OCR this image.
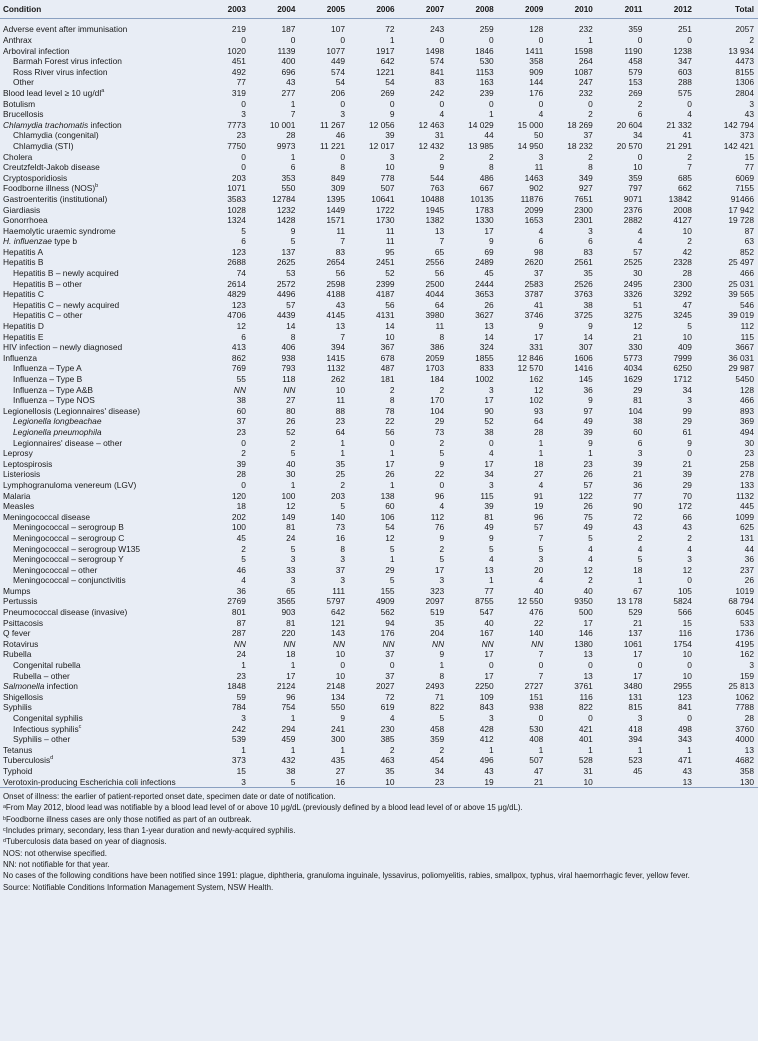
Condition	2003	2004	2005	2006	2007	2008	2009	2010	2011	2012	Total
Adverse event after immunisation	219	187	107	72	243	259	128	232	359	251	2057
Anthrax	0	0	0	1	0	0	0	1	0	0	2
Arboviral infection	1020	1139	1077	1917	1498	1846	1411	1598	1190	1238	13 934
Barmah Forest virus infection	451	400	449	642	574	530	358	264	458	347	4473
Ross River virus infection	492	696	574	1221	841	1153	909	1087	579	603	8155
Other	77	43	54	54	83	163	144	247	153	288	1306
Blood lead level ≥ 10 $ug/dl^a$	319	277	206	269	242	239	176	232	269	575	2804
Botulism	0	1	0	0	0	0	0	0	2	0	3
Brucellosis	3	7	3	9	4	1	4	2	6	4	43
Chlamydia trachomatis infection	7773	10 001	11 267	12 056	12 463	14 029	15 000	18 269	20 604	21 332	142 794
Chlamydia (congenital)	23	28	46	39	31	44	50	37	34	41	373
Chlamydia (STI)	7750	9973	11 221	12 017	12 432	13 985	14 950	18 232	20 570	21 291	142 421
Cholera	0	1	0	3	2	2	3	2	0	2	15
Creutzfeldt-Jakob disease	0	6	8	10	9	8	11	8	10	7	77
Cryptosporidiosis	203	353	849	778	544	486	1463	349	359	685	6069
Foodborne illness (NOS)$^b$	1071	550	309	507	763	667	902	927	797	662	7155
Gastroenteritis (institutional)	3583	12784	1395	10641	10488	10135	11876	7651	9071	13842	91466
Giardiasis	1028	1232	1449	1722	1945	1783	2099	2300	2376	2008	17 942
Gonorrhoea	1324	1428	1571	1730	1382	1330	1653	2301	2882	4127	19 728
Haemolytic uraemic syndrome	5	9	11	11	13	17	4	3	4	10	87
H. influenzae type b	6	5	7	11	7	9	6	6	4	2	63
Hepatitis A	123	137	83	95	65	69	98	83	57	42	852
Hepatitis B	2688	2625	2654	2451	2556	2489	2620	2561	2525	2328	25 497
Hepatitis B – newly acquired	74	53	56	52	56	45	37	35	30	28	466
Hepatitis B – other	2614	2572	2598	2399	2500	2444	2583	2526	2495	2300	25 031
Hepatitis C	4829	4496	4188	4187	4044	3653	3787	3763	3326	3292	39 565
Hepatitis C – newly acquired	123	57	43	56	64	26	41	38	51	47	546
Hepatitis C – other	4706	4439	4145	4131	3980	3627	3746	3725	3275	3245	39 019
Hepatitis D	12	14	13	14	11	13	9	9	12	5	112
Hepatitis E	6	8	7	10	8	14	17	14	21	10	115
HIV infection – newly diagnosed	413	406	394	367	386	324	331	307	330	409	3667
Influenza	862	938	1415	678	2059	1855	12 846	1606	5773	7999	36 031
Influenza – Type A	769	793	1132	487	1703	833	12 570	1416	4034	6250	29 987
Influenza – Type B	55	118	262	181	184	1002	162	145	1629	1712	5450
Influenza – Type A&B	NN	NN	10	2	2	3	12	36	29	34	128
Influenza – Type NOS	38	27	11	8	170	17	102	9	81	3	466
Legionellosis (Legionnaires' disease)	60	80	88	78	104	90	93	97	104	99	893
Legionella longbeachae	37	26	23	22	29	52	64	49	38	29	369
Legionella pneumophila	23	52	64	56	73	38	28	39	60	61	494
Legionnaires' disease – other	0	2	1	0	2	0	1	9	6	9	30
Leprosy	2	5	1	1	5	4	1	1	3	0	23
Leptospirosis	39	40	35	17	9	17	18	23	39	21	258
Listeriosis	28	30	25	26	22	34	27	26	21	39	278
Lymphogranuloma venereum (LGV)	0	1	2	1	0	3	4	57	36	29	133
Malaria	120	100	203	138	96	115	91	122	77	70	1132
Measles	18	12	5	60	4	39	19	26	90	172	445
Meningococcal disease	202	149	140	106	112	81	96	75	72	66	1099
Meningococcal – serogroup B	100	81	73	54	76	49	57	49	43	43	625
Meningococcal – serogroup C	45	24	16	12	9	9	7	5	2	2	131
Meningococcal – serogroup W135	2	5	8	5	2	5	5	4	4	4	44
Meningococcal – serogroup Y	5	3	3	1	5	4	3	4	5	3	36
Meningococcal – other	46	33	37	29	17	13	20	12	18	12	237
Meningococcal – conjunctivitis	4	3	3	5	3	1	4	2	1	0	26
Mumps	36	65	111	155	323	77	40	40	67	105	1019
Pertussis	2769	3565	5797	4909	2097	8755	12 550	9350	13 178	5824	68 794
Pneumococcal disease (invasive)	801	903	642	562	519	547	476	500	529	566	6045
Psittacosis	87	81	121	94	35	40	22	17	21	15	533
Q fever	287	220	143	176	204	167	140	146	137	116	1736
Rotavirus	NN	NN	NN	NN	NN	NN	NN	1380	1061	1754	4195
Rubella	24	18	10	37	9	17	7	13	17	10	162
Congenital rubella	1	1	0	0	1	0	0	0	0	0	3
Rubella – other	23	17	10	37	8	17	7	13	17	10	159
Salmonella infection	1848	2124	2148	2027	2493	2250	2727	3761	3480	2955	25 813
Shigellosis	59	96	134	72	71	109	151	116	131	123	1062
Syphilis	784	754	550	619	822	843	938	822	815	841	7788
Congenital syphilis	3	1	9	4	5	3	0	0	3	0	28
Infectious syphilis$^c$	242	294	241	230	458	428	530	421	418	498	3760
Syphilis – other	539	459	300	385	359	412	408	401	394	343	4000
Tetanus	1	1	1	2	2	1	1	1	1	1	13
Tuberculosis$^d$	373	432	435	463	454	496	507	528	523	471	4682
Typhoid	15	38	27	35	34	43	47	31	45	43	358
Verotoxin-producing Escherichia coli infections	3	5	16	10	23	19	21	10		13	130
Onset of illness: the earlier of patient-reported onset date, specimen date or date of notification.
ᵃFrom May 2012, blood lead was notifiable by a blood lead level of or above 10 μg/dL (previously defined by a blood lead level of or above 15 μg/dL).
ᵇFoodborne illness cases are only those notified as part of an outbreak.
ᶜIncludes primary, secondary, less than 1-year duration and newly-acquired syphilis.
ᵈTuberculosis data based on year of diagnosis.
NOS: not otherwise specified.
NN: not notifiable for that year.
No cases of the following conditions have been notified since 1991: plague, diphtheria, granuloma inguinale, lyssavirus, poliomyelitis, rabies, smallpox, typhus, viral haemorrhagic fever, yellow fever.
Source: Notifiable Conditions Information Management System, NSW Health.
